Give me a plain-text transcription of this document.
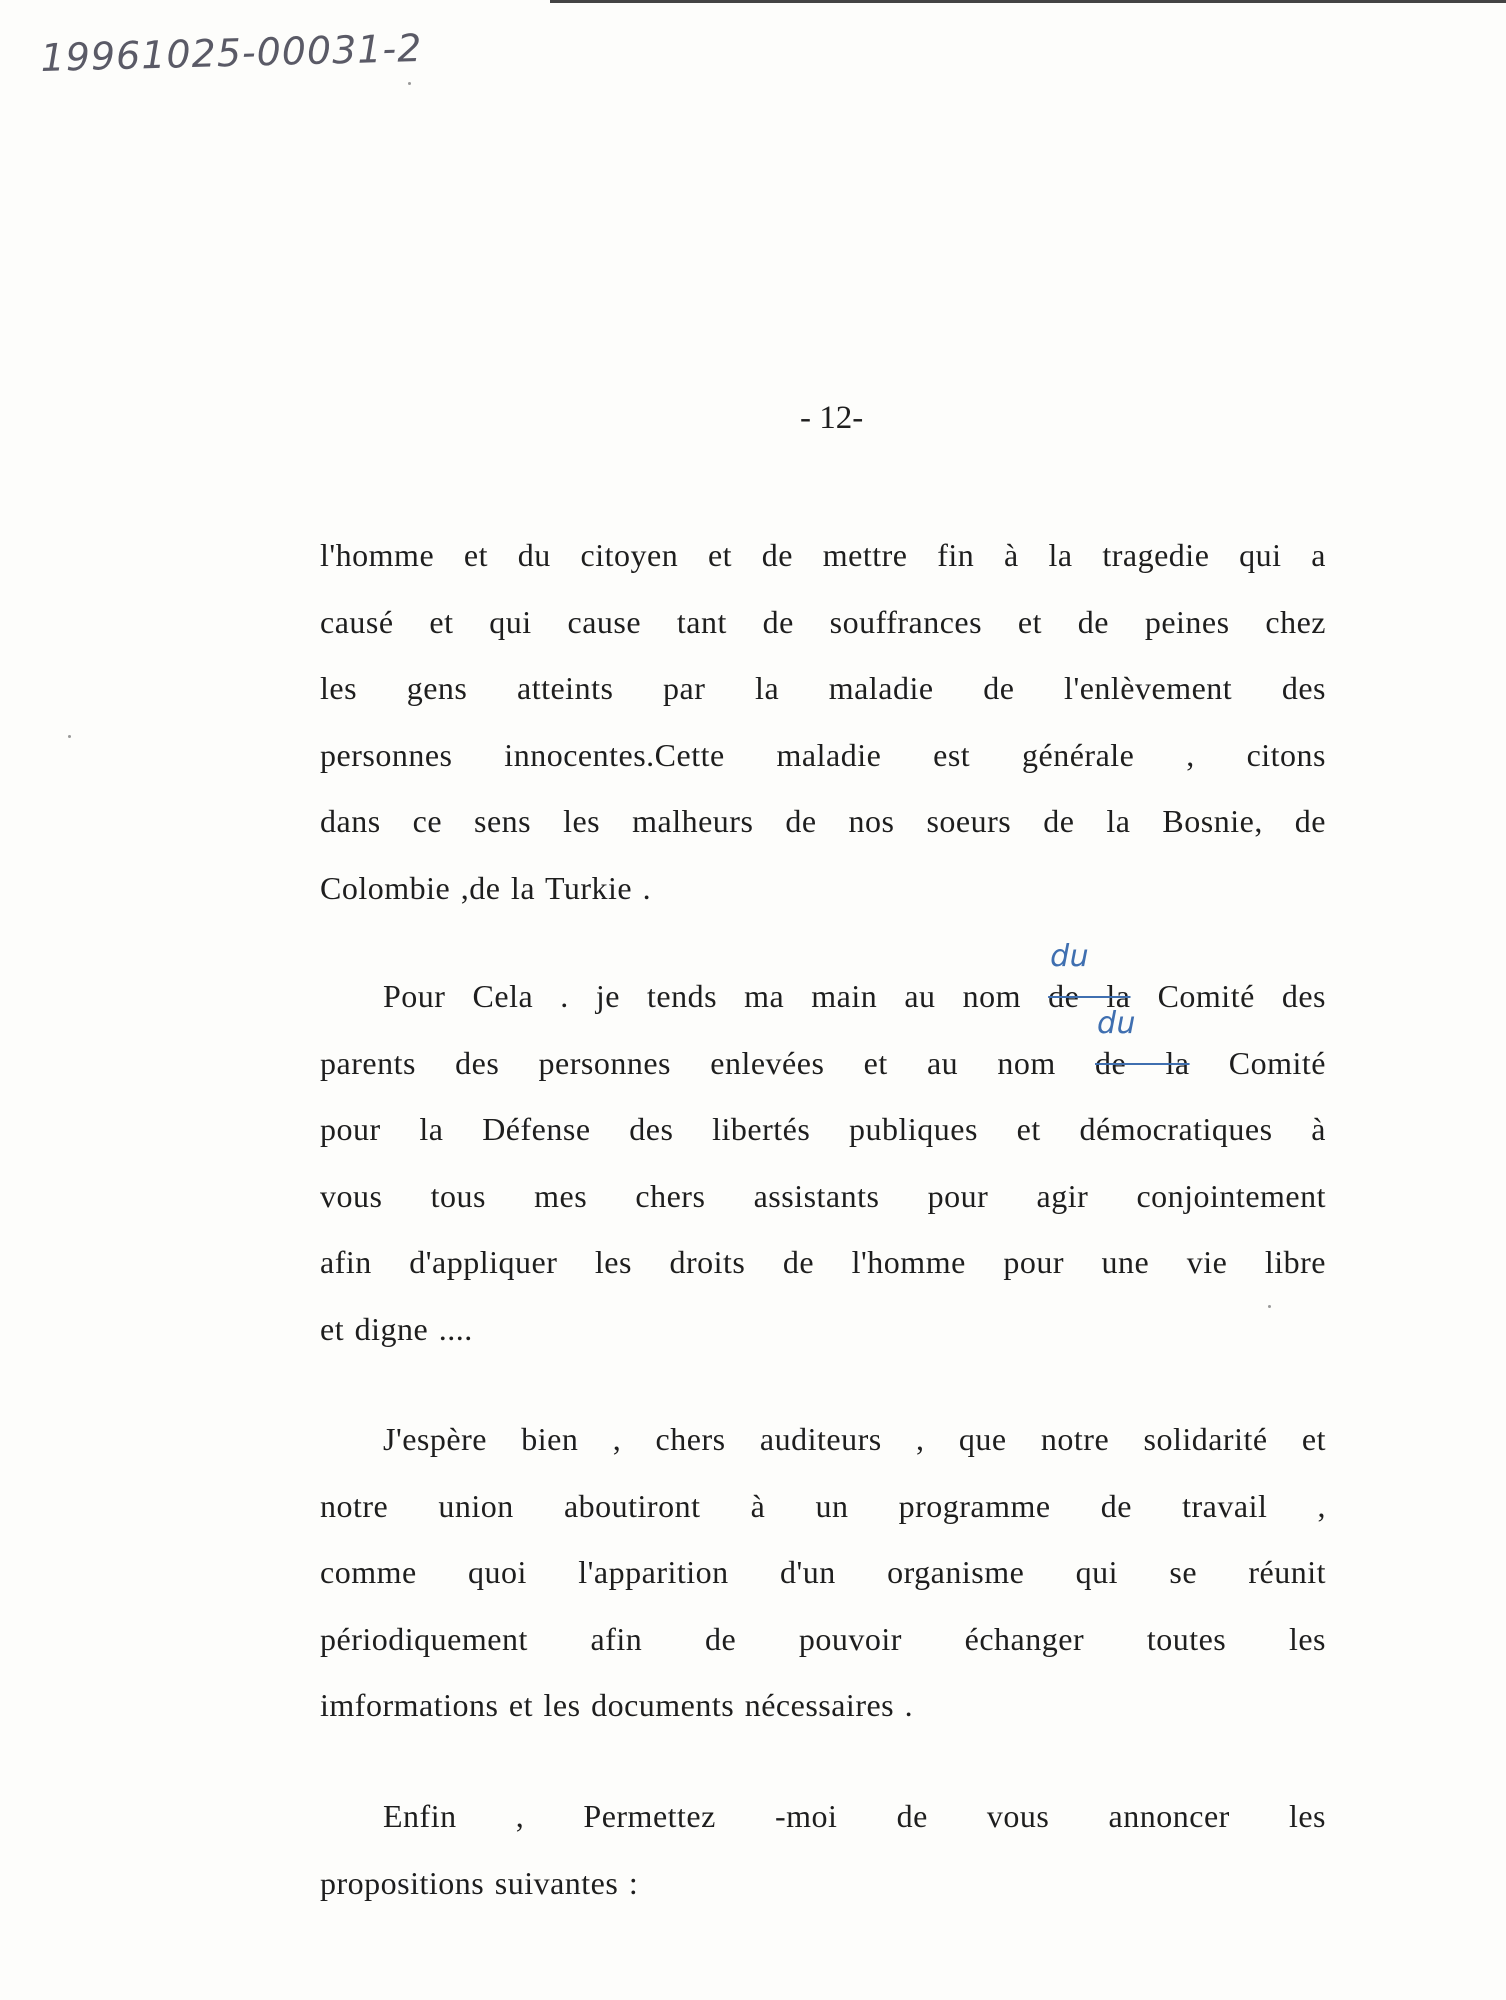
19961025-00031-2
- 12-
l'homme et du citoyen et de mettre fin à la tragedie qui a
causé et qui cause tant de souffrances et de peines chez
les gens atteints par la maladie de l'enlèvement des
personnes innocentes.Cette maladie est générale , citons
dans ce sens les malheurs de nos soeurs de la Bosnie, de
Colombie ,de la Turkie .
Pour Cela . je tends ma main au nom
du
de la Comité des
parents des personnes enlevées et au nom
du
de la Comité
pour la Défense des libertés publiques et démocratiques à
vous tous mes chers assistants pour agir conjointement
afin d'appliquer les droits de l'homme pour une vie libre
et digne ....
J'espère bien , chers auditeurs , que notre solidarité et
notre union aboutiront à un programme de travail ,
comme quoi l'apparition d'un organisme qui se réunit
périodiquement afin de pouvoir échanger toutes les
imformations et les documents nécessaires .
Enfin , Permettez -moi de vous annoncer les
propositions suivantes :
